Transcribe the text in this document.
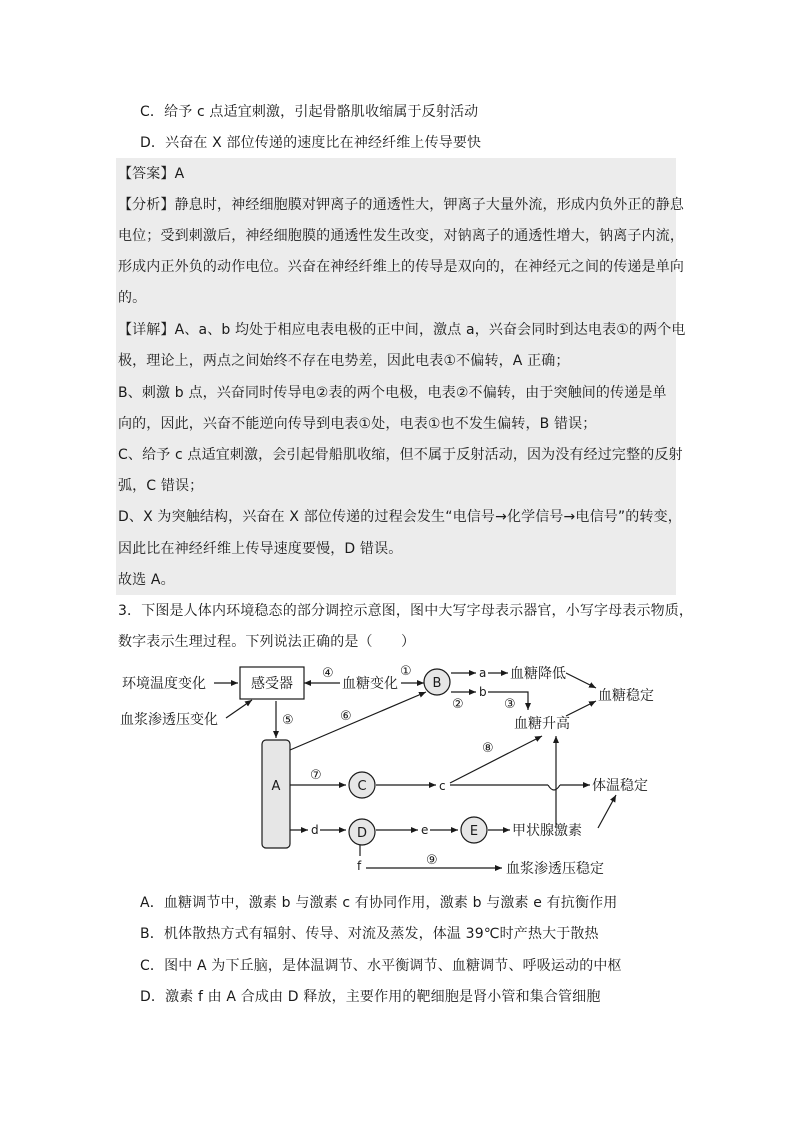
C．给予 c 点适宜刺激，引起骨骼肌收缩属于反射活动
D．兴奋在 X 部位传递的速度比在神经纤维上传导要快
【答案】A
【分析】静息时，神经细胞膜对钾离子的通透性大，钾离子大量外流，形成内负外正的静息
电位；受到刺激后，神经细胞膜的通透性发生改变，对钠离子的通透性增大，钠离子内流，
形成内正外负的动作电位。兴奋在神经纤维上的传导是双向的，在神经元之间的传递是单向
的。
【详解】A、a、b 均处于相应电表电极的正中间，激点 a，兴奋会同时到达电表①的两个电
极，理论上，两点之间始终不存在电势差，因此电表①不偏转，A 正确；
B、刺激 b 点，兴奋同时传导电②表的两个电极，电表②不偏转，由于突触间的传递是单
向的，因此，兴奋不能逆向传导到电表①处，电表①也不发生偏转，B 错误；
C、给予 c 点适宜刺激，会引起骨船肌收缩，但不属于反射活动，因为没有经过完整的反射
弧，C 错误；
D、X 为突触结构，兴奋在 X 部位传递的过程会发生“电信号→化学信号→电信号”的转变，
因此比在神经纤维上传导速度要慢，D 错误。
故选 A。
3．下图是人体内环境稳态的部分调控示意图，图中大写字母表示器官，小写字母表示物质，
数字表示生理过程。下列说法正确的是（　　）
环境温度变化
血浆渗透压变化
感受器	血糖变化	B
A	C
D	E
a
b
c
d	e
f
血糖降低
血糖稳定
血糖升高
体温稳定
甲状腺激素
血浆渗透压稳定
④	①
②	③
⑤	⑥
⑦
⑧
⑨
A．血糖调节中，激素 b 与激素 c 有协同作用，激素 b 与激素 e 有抗衡作用
B．机体散热方式有辐射、传导、对流及蒸发，体温 39℃时产热大于散热
C．图中 A 为下丘脑，是体温调节、水平衡调节、血糖调节、呼吸运动的中枢
D．激素 f 由 A 合成由 D 释放，主要作用的靶细胞是肾小管和集合管细胞
